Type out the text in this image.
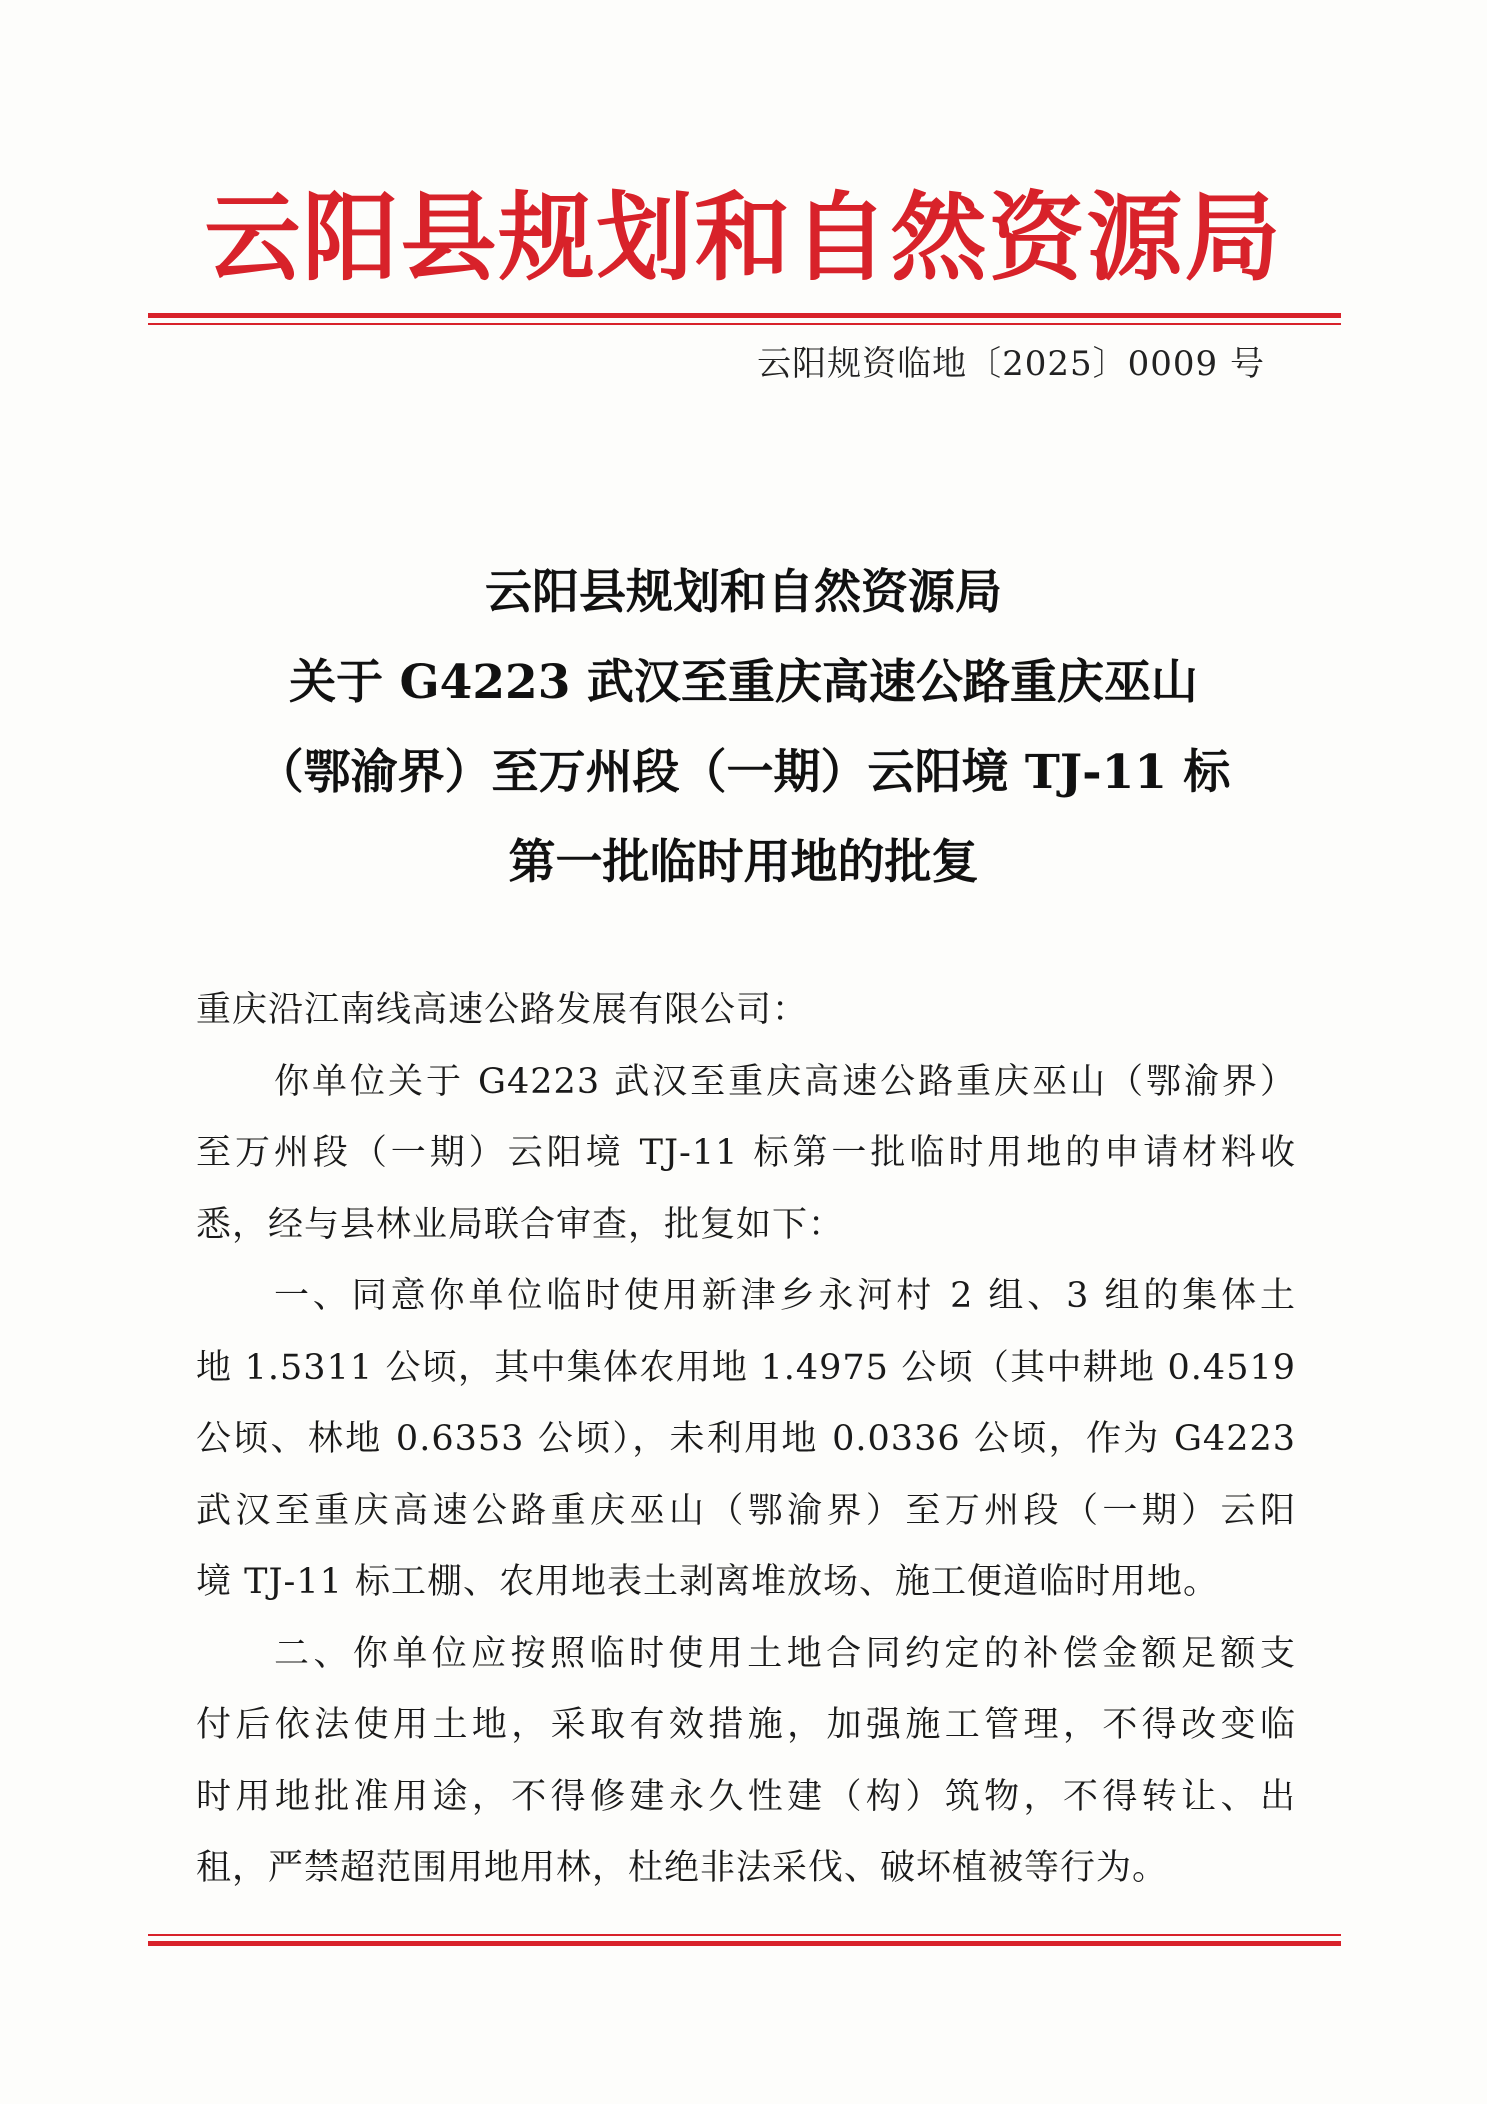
云阳县规划和自然资源局
云阳规资临地〔2025〕0009 号
云阳县规划和自然资源局
关于 G4223 武汉至重庆高速公路重庆巫山
（鄂渝界）至万州段（一期）云阳境 TJ-11 标
第一批临时用地的批复
重庆沿江南线高速公路发展有限公司：
你单位关于 G4223 武汉至重庆高速公路重庆巫山（鄂渝界）
至万州段（一期）云阳境 TJ-11 标第一批临时用地的申请材料收
悉，经与县林业局联合审查，批复如下：
一、同意你单位临时使用新津乡永河村 2 组、3 组的集体土
地 1.5311 公顷，其中集体农用地 1.4975 公顷（其中耕地 0.4519
公顷、林地 0.6353 公顷），未利用地 0.0336 公顷，作为 G4223
武汉至重庆高速公路重庆巫山（鄂渝界）至万州段（一期）云阳
境 TJ-11 标工棚、农用地表土剥离堆放场、施工便道临时用地。
二、你单位应按照临时使用土地合同约定的补偿金额足额支
付后依法使用土地，采取有效措施，加强施工管理，不得改变临
时用地批准用途，不得修建永久性建（构）筑物，不得转让、出
租，严禁超范围用地用林，杜绝非法采伐、破坏植被等行为。
